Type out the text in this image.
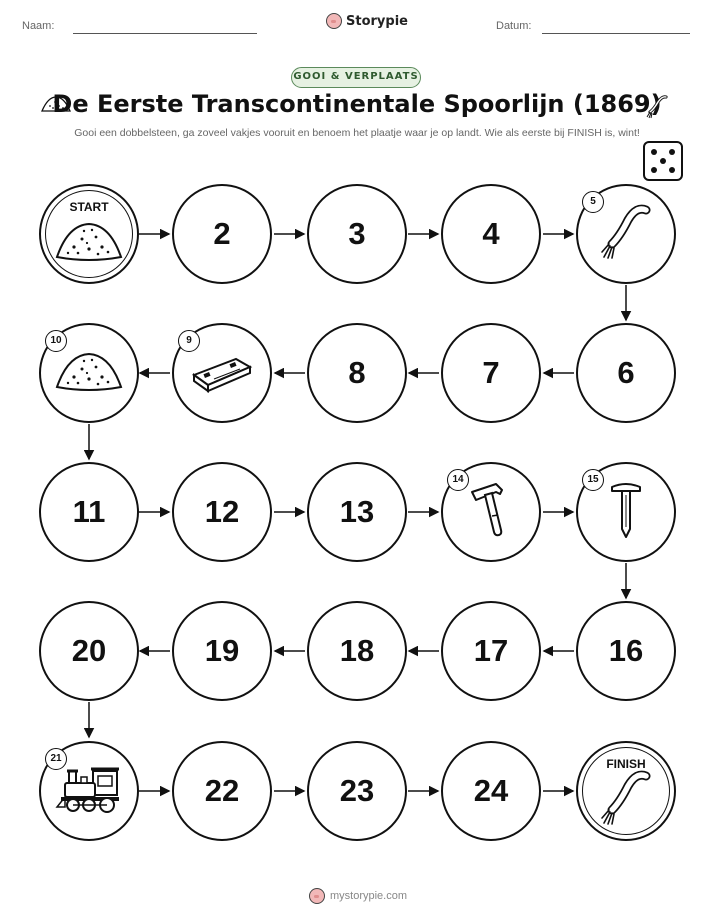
Naam:	Storypie	Datum:
GOOI & VERPLAATS
De Eerste Transcontinentale Spoorlijn (1869)
Gooi een dobbelsteen, ga zoveel vakjes vooruit en benoem het plaatje waar je op landt. Wie als eerste bij FINISH is, wint!
START
2	3	4
5
6
7
8
9
10
11	12	13
14	15
16
17
18
19
20
21
22	23	24
FINISH
mystorypie.com
